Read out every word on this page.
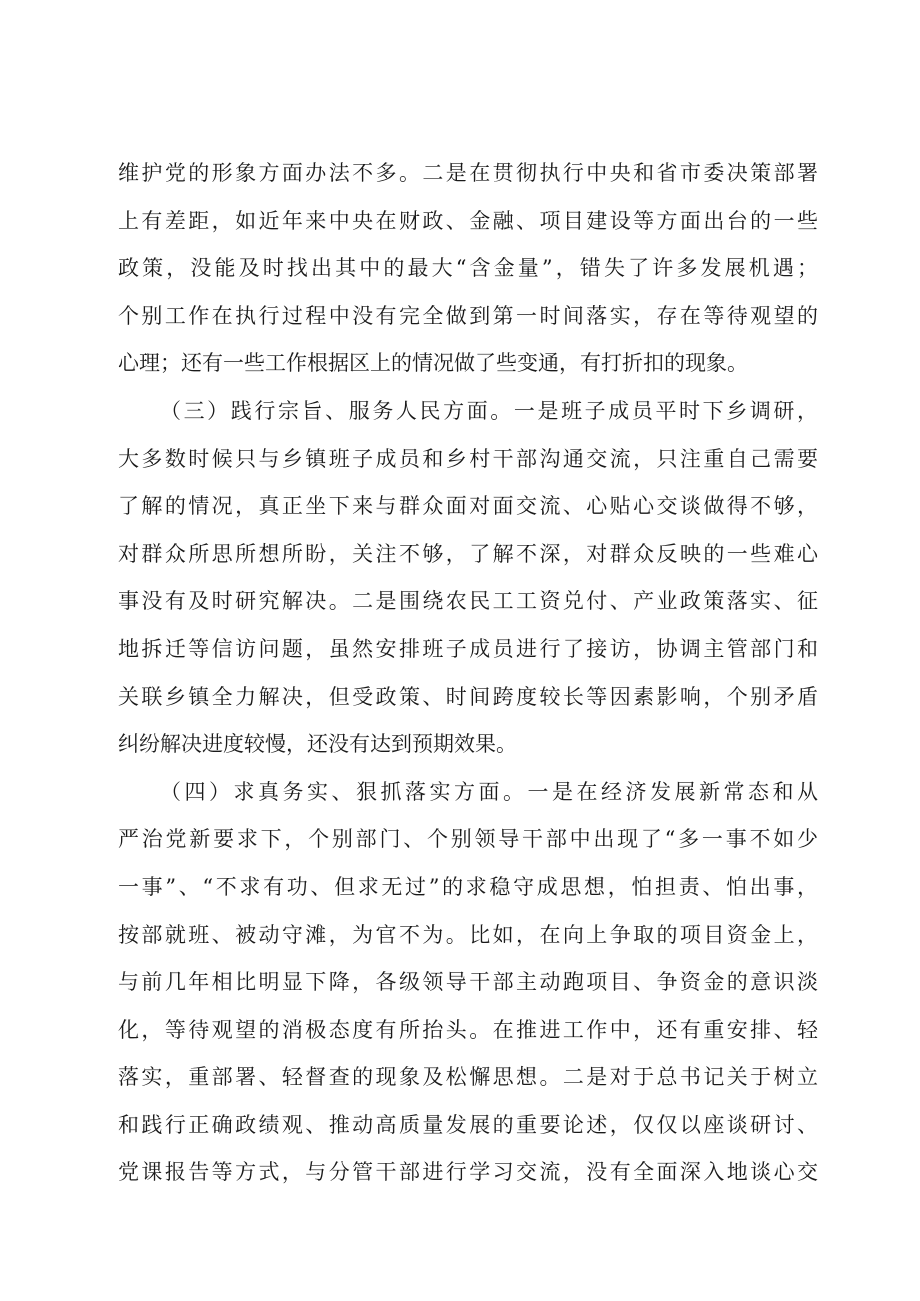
维护党的形象方面办法不多。二是在贯彻执行中央和省市委决策部署
上有差距，如近年来中央在财政、金融、项目建设等方面出台的一些
政策，没能及时找出其中的最大“含金量”，错失了许多发展机遇；
个别工作在执行过程中没有完全做到第一时间落实，存在等待观望的
心理；还有一些工作根据区上的情况做了些变通，有打折扣的现象。
（三）践行宗旨、服务人民方面。一是班子成员平时下乡调研，
大多数时候只与乡镇班子成员和乡村干部沟通交流，只注重自己需要
了解的情况，真正坐下来与群众面对面交流、心贴心交谈做得不够，
对群众所思所想所盼，关注不够，了解不深，对群众反映的一些难心
事没有及时研究解决。二是围绕农民工工资兑付、产业政策落实、征
地拆迁等信访问题，虽然安排班子成员进行了接访，协调主管部门和
关联乡镇全力解决，但受政策、时间跨度较长等因素影响，个别矛盾
纠纷解决进度较慢，还没有达到预期效果。
（四）求真务实、狠抓落实方面。一是在经济发展新常态和从
严治党新要求下，个别部门、个别领导干部中出现了“多一事不如少
一事”、“不求有功、但求无过”的求稳守成思想，怕担责、怕出事，
按部就班、被动守滩，为官不为。比如，在向上争取的项目资金上，
与前几年相比明显下降，各级领导干部主动跑项目、争资金的意识淡
化，等待观望的消极态度有所抬头。在推进工作中，还有重安排、轻
落实，重部署、轻督查的现象及松懈思想。二是对于总书记关于树立
和践行正确政绩观、推动高质量发展的重要论述，仅仅以座谈研讨、
党课报告等方式，与分管干部进行学习交流，没有全面深入地谈心交
